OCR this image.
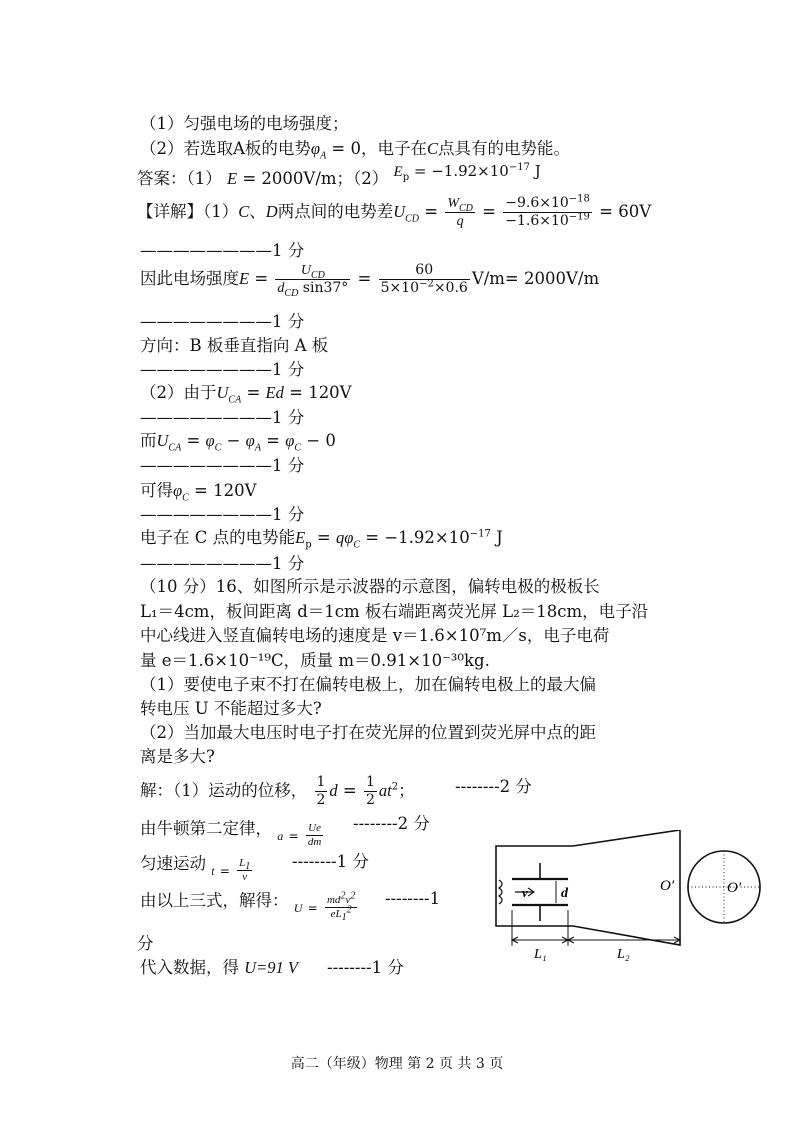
（1）匀强电场的电场强度；
（2）若选取A板的电势$\varphi_A = 0$，电子在C点具有的电势能。
答案：（1） E = 2000V/m；（2） $E_p = -1.92\times 10^{-17}$ J
【详解】（1）C、D两点间的电势差$U_{CD} = \frac{W_{CD}}{q} = \frac{-9.6\times 10^{-18}}{-1.6\times 10^{-19}} = 60V$
————————1 分
因此电场强度$E = \frac{U_{CD}}{d_{CD} \sin 37^\circ} = \frac{60}{5\times 10^{-2}\times 0.6} V/m= 2000V/m$
————————1 分
方向：B 板垂直指向 A 板
————————1 分
（2）由于$U_{CA} = Ed = 120V$
————————1 分
而$U_{CA} = \varphi_C - \varphi_A = \varphi_C - 0$
————————1 分
可得$\varphi_C = 120V$
————————1 分
电子在 C 点的电势能$E_p = q\varphi_C = -1.92\times 10^{-17}$ J
————————1 分
（10 分）16、如图所示是示波器的示意图，偏转电极的极板长
L₁＝4cm，板间距离 d＝1cm 板右端距离荧光屏 L₂＝18cm，电子沿
中心线进入竖直偏转电场的速度是 v＝1.6×10⁷m／s，电子电荷
量 e＝1.6×10⁻¹⁹C，质量 m＝0.91×10⁻³⁰kg.
（1）要使电子束不打在偏转电极上，加在偏转电极上的最大偏
转电压 U 不能超过多大?
（2）当加最大电压时电子打在荧光屏的位置到荧光屏中点的距
离是多大?
解：（1）运动的位移， $\frac{1}{2}$ $d = \frac{1}{2} at^2$； --------2 分
由牛顿第二定律， $a = \frac{Ue}{dm} --------2$ 分
匀速运动 $t = \frac{L_1}{v} --------1$ 分
由以上三式，解得： $U = \frac{md^2v^2}{eL_1^2} --------1$
分
代入数据，得 U=91 V --------1 分
v d	O′	O′
L₁	L₂
高二（年级）物理 第 2 页 共 3 页
